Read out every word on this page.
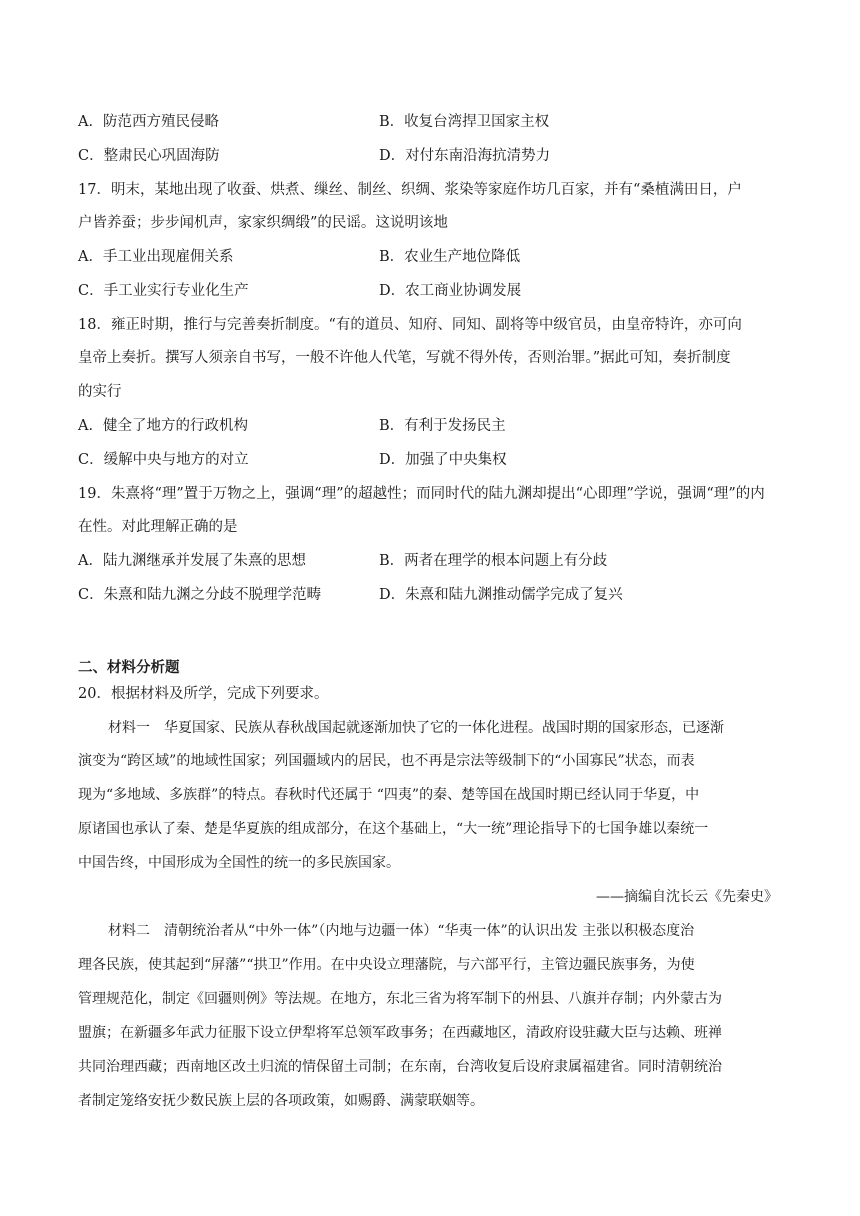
A．防范西方殖民侵略	B．收复台湾捍卫国家主权
C．整肃民心巩固海防	D．对付东南沿海抗清势力
17．明末，某地出现了收蚕、烘煮、缫丝、制丝、织绸、浆染等家庭作坊几百家，并有“桑植满田日，户
户皆养蚕；步步闻机声，家家织绸缎”的民谣。这说明该地
A．手工业出现雇佣关系	B．农业生产地位降低
C．手工业实行专业化生产	D．农工商业协调发展
18．雍正时期，推行与完善奏折制度。“有的道员、知府、同知、副将等中级官员，由皇帝特许，亦可向
皇帝上奏折。撰写人须亲自书写，一般不许他人代笔，写就不得外传，否则治罪。”据此可知，奏折制度
的实行
A．健全了地方的行政机构	B．有利于发扬民主
C．缓解中央与地方的对立	D．加强了中央集权
19．朱熹将“理”置于万物之上，强调“理”的超越性；而同时代的陆九渊却提出“心即理”学说，强调“理”的内
在性。对此理解正确的是
A．陆九渊继承并发展了朱熹的思想	B．两者在理学的根本问题上有分歧
C．朱熹和陆九渊之分歧不脱理学范畴	D．朱熹和陆九渊推动儒学完成了复兴
二、材料分析题
20．根据材料及所学，完成下列要求。
材料一　华夏国家、民族从春秋战国起就逐渐加快了它的一体化进程。战国时期的国家形态，已逐渐
演变为“跨区域”的地域性国家；列国疆域内的居民，也不再是宗法等级制下的“小国寡民”状态，而表
现为“多地域、多族群”的特点。春秋时代还属于 “四夷”的秦、楚等国在战国时期已经认同于华夏，中
原诸国也承认了秦、楚是华夏族的组成部分，在这个基础上，“大一统”理论指导下的七国争雄以秦统一
中国告终，中国形成为全国性的统一的多民族国家。
——摘编自沈长云《先秦史》
材料二　清朝统治者从“中外一体”（内地与边疆一体）“华夷一体”的认识出发 主张以积极态度治
理各民族，使其起到“屏藩”“拱卫”作用。在中央设立理藩院，与六部平行，主管边疆民族事务，为使
管理规范化，制定《回疆则例》等法规。在地方，东北三省为将军制下的州县、八旗并存制；内外蒙古为
盟旗；在新疆多年武力征服下设立伊犁将军总领军政事务；在西藏地区，清政府设驻藏大臣与达赖、班禅
共同治理西藏；西南地区改土归流的情保留土司制；在东南，台湾收复后设府隶属福建省。同时清朝统治
者制定笼络安抚少数民族上层的各项政策，如赐爵、满蒙联姻等。
